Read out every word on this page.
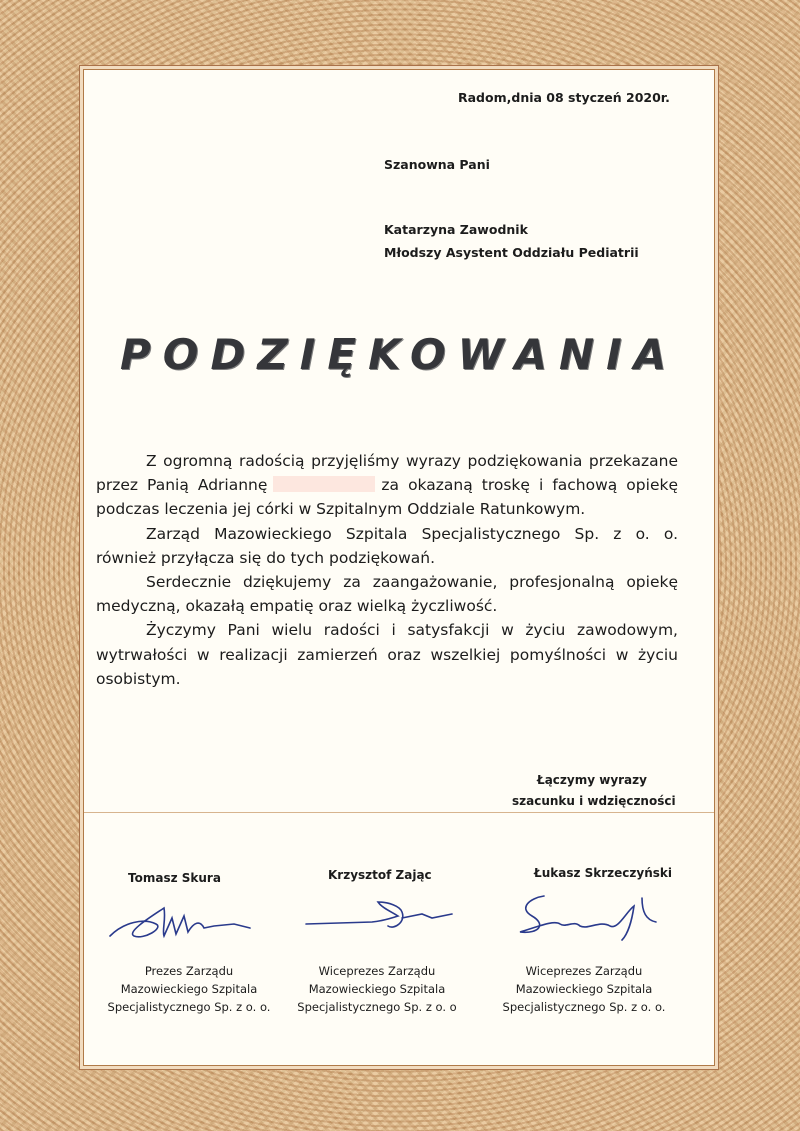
Radom,dnia 08 styczeń 2020r.

Szanowna Pani

Katarzyna Zawodnik

Młodszy Asystent Oddziału Pediatrii

PODZIĘKOWANIA

Z ogromną radością przyjęliśmy wyrazy podziękowania przekazane przez Panią Adriannę	za okazaną troskę i fachową opiekę podczas leczenia jej córki w Szpitalnym Oddziale Ratunkowym.

Zarząd Mazowieckiego Szpitala Specjalistycznego Sp. z o. o. również przyłącza się do tych podziękowań.

Serdecznie dziękujemy za zaangażowanie, profesjonalną opiekę medyczną, okazałą empatię oraz wielką życzliwość.

Życzymy Pani wielu radości i satysfakcji w życiu zawodowym, wytrwałości w realizacji zamierzeń oraz wszelkiej pomyślności w życiu osobistym.

Łączymy wyrazy

szacunku i wdzięczności

Tomasz Skura

Prezes Zarządu
Mazowieckiego Szpitala
Specjalistycznego Sp. z o. o.

Krzysztof Zając

Wiceprezes Zarządu
Mazowieckiego Szpitala
Specjalistycznego Sp. z o. o

Łukasz Skrzeczyński

Wiceprezes Zarządu
Mazowieckiego Szpitala
Specjalistycznego Sp. z o. o.
